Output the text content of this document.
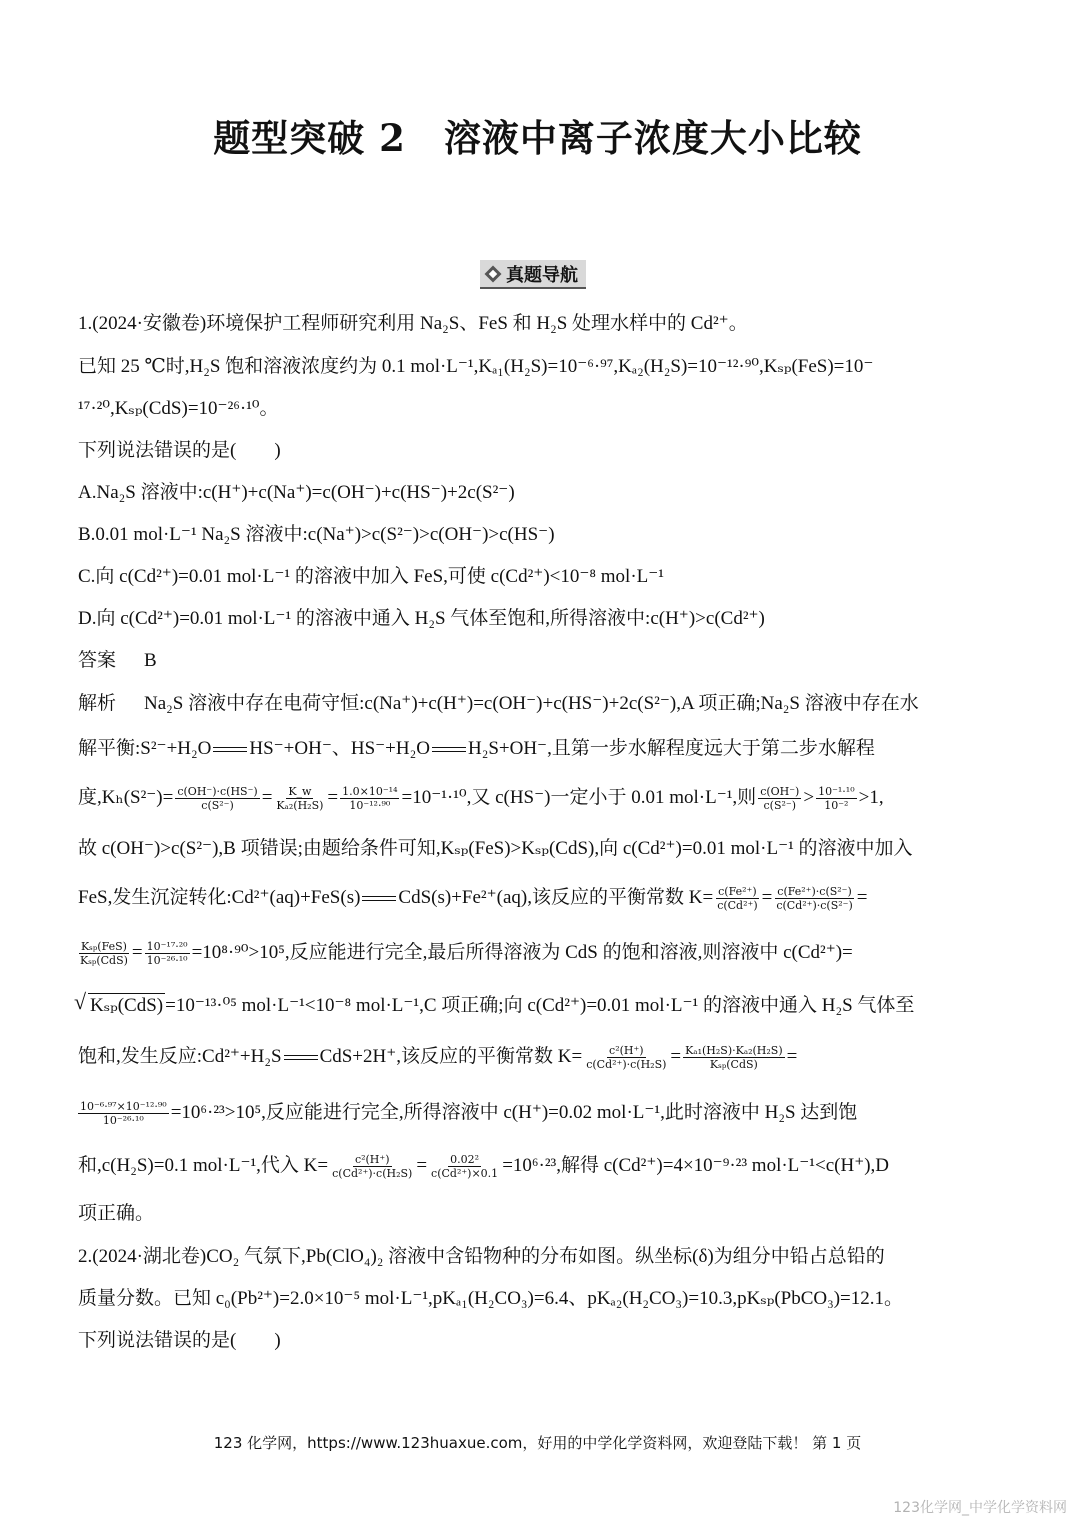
题型突破 2　溶液中离子浓度大小比较
真题导航
1.(2024·安徽卷)环境保护工程师研究利用 Na₂S、FeS 和 H₂S 处理水样中的 Cd²⁺。
已知 25 ℃时,H₂S 饱和溶液浓度约为 0.1 mol·L⁻¹,Kₐ₁(H₂S)=10⁻⁶·⁹⁷,Kₐ₂(H₂S)=10⁻¹²·⁹⁰,Kₛₚ(FeS)=10⁻
¹⁷·²⁰,Kₛₚ(CdS)=10⁻²⁶·¹⁰。
下列说法错误的是(　　)
A.Na₂S 溶液中:c(H⁺)+c(Na⁺)=c(OH⁻)+c(HS⁻)+2c(S²⁻)
B.0.01 mol·L⁻¹ Na₂S 溶液中:c(Na⁺)>c(S²⁻)>c(OH⁻)>c(HS⁻)
C.向 c(Cd²⁺)=0.01 mol·L⁻¹ 的溶液中加入 FeS,可使 c(Cd²⁺)<10⁻⁸ mol·L⁻¹
D.向 c(Cd²⁺)=0.01 mol·L⁻¹ 的溶液中通入 H₂S 气体至饱和,所得溶液中:c(H⁺)>c(Cd²⁺)
答案 B
解析 Na₂S 溶液中存在电荷守恒:c(Na⁺)+c(H⁺)=c(OH⁻)+c(HS⁻)+2c(S²⁻),A 项正确;Na₂S 溶液中存在水
解平衡:S²⁻+H₂O HS⁻+OH⁻、HS⁻+H₂O H₂S+OH⁻,且第一步水解程度远大于第二步水解程
度$,K_h(S^{2-})= \frac{c(OH^-)\cdot c(HS^-)}{\text{c(S²⁻)}} = \frac{K\_w}{\text{Kₐ₂(H₂S)}} = \frac{\text{1.0×10⁻¹⁴}}{\text{10⁻¹²·⁹⁰}} =10^{-1}\cdot^{10}$,又 c(HS⁻)一定小于 0.01 mol·L⁻¹,则 $\frac{c(OH^-)}{\text{c(S²⁻)}} > \frac{\text{10⁻¹·¹⁰}}{\text{10⁻²}} >1$,
故 c(OH⁻)>c(S²⁻),B 项错误;由题给条件可知,Kₛₚ(FeS)>Kₛₚ(CdS),向 c(Cd²⁺)=0.01 mol·L⁻¹ 的溶液中加入
FeS,发生沉淀转化:Cd²⁺(aq)+FeS(s) CdS(s)+Fe²⁺(aq),该反应的平衡常数 $K= \frac{\text{c(Fe²⁺)}}{\text{c(Cd²⁺)}} = \frac{\text{c(Fe²⁺)·c(S²⁻)}}{\text{c(Cd²⁺)·c(S²⁻)}}$ =
$\frac{\text{Kₛₚ(FeS)}}{\text{Kₛₚ(CdS)}} = \frac{\text{10⁻¹⁷·²⁰}}{\text{10⁻²⁶·¹⁰}} =10^8\cdot^{90}>10^5$,反应能进行完全,最后所得溶液为 CdS 的饱和溶液,则溶液中 c(Cd²⁺)=
√ Kₛₚ(CdS) =10⁻¹³·⁰⁵ mol·L⁻¹<10⁻⁸ mol·L⁻¹,C 项正确;向 c(Cd²⁺)=0.01 mol·L⁻¹ 的溶液中通入 H₂S 气体至
饱和,发生反应:Cd²⁺+H₂S CdS+2H⁺,该反应的平衡常数 $K= \frac{\text{c²(H⁺)}}{\text{c(Cd²⁺)·c(H₂S)}} = \frac{\text{Kₐ₁(H₂S)·Kₐ₂(H₂S)}}{\text{Kₛₚ(CdS)}}$ =
$\frac{\text{10⁻⁶·⁹⁷×10⁻¹²·⁹⁰}}{\text{10⁻²⁶·¹⁰}} =10^6\cdot^{23}>10^5$,反应能进行完全,所得溶液中 c(H⁺)=0.02 mol·L⁻¹,此时溶液中 H₂S 达到饱
和,c(H₂S)=0.1 mol·L⁻¹,代入 $K= \frac{\text{c²(H⁺)}}{\text{c(Cd²⁺)·c(H₂S)}} = \frac{\text{0.02²}}{\text{c(Cd²⁺)×0.1}} =10^6\cdot^{23}$,解得 c(Cd²⁺)=4×10⁻⁹·²³ mol·L⁻¹<c(H⁺),D
项正确。
2.(2024·湖北卷)CO₂ 气氛下,Pb(ClO₄)₂ 溶液中含铅物种的分布如图。纵坐标(δ)为组分中铅占总铅的
质量分数。已知 c₀(Pb²⁺)=2.0×10⁻⁵ mol·L⁻¹,pKₐ₁(H₂CO₃)=6.4、pKₐ₂(H₂CO₃)=10.3,pKₛₚ(PbCO₃)=12.1。
下列说法错误的是(　　)
123 化学网，https://www.123huaxue.com，好用的中学化学资料网，欢迎登陆下载！ 第 1 页
123化学网_中学化学资料网
